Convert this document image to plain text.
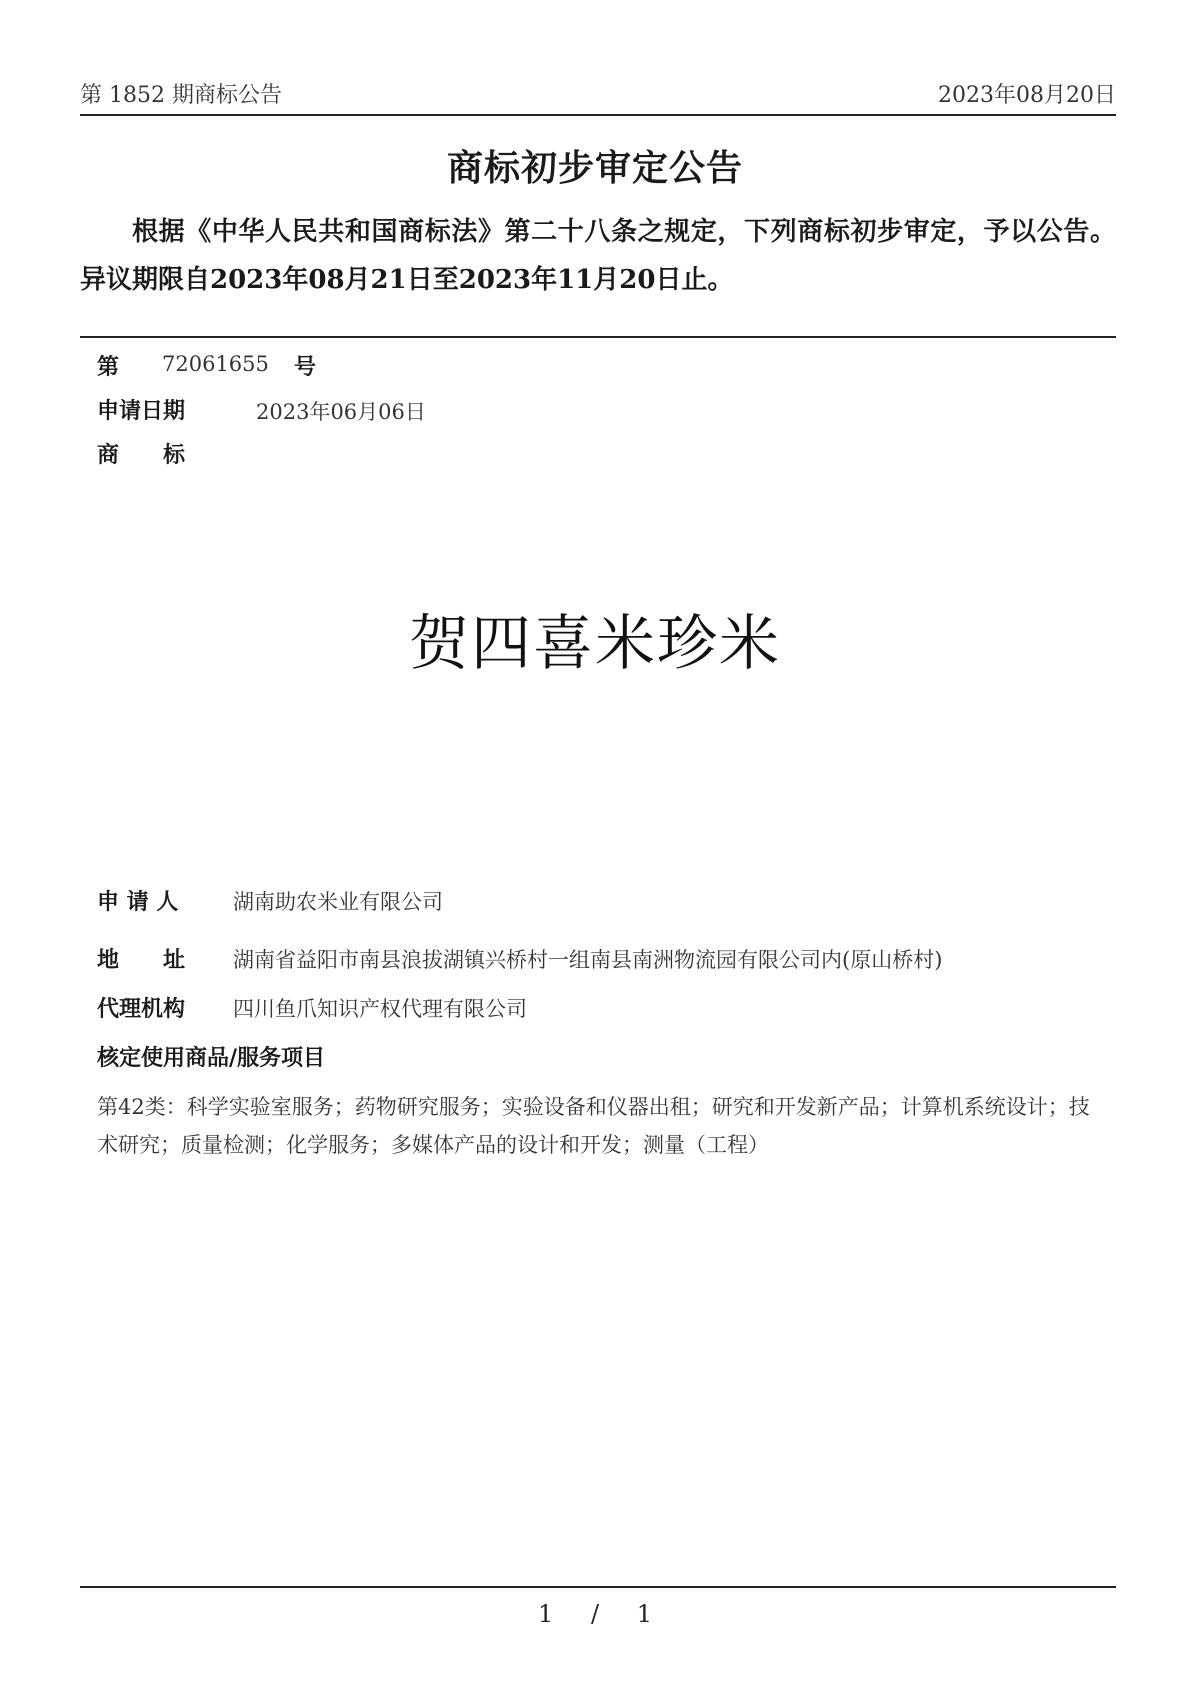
第 1852 期商标公告	2023年08月20日
商标初步审定公告
根据《中华人民共和国商标法》第二十八条之规定，下列商标初步审定，予以公告。异议期限自2023年08月21日至2023年11月20日止。
第 72061655 号
申请日期	2023年06月06日
商　　标
贺四喜米珍米
申 请 人	湖南助农米业有限公司
地　　址 湖南省益阳市南县浪拔湖镇兴桥村一组南县南洲物流园有限公司内(原山桥村)
代理机构 四川鱼爪知识产权代理有限公司
核定使用商品/服务项目
第42类：科学实验室服务；药物研究服务；实验设备和仪器出租；研究和开发新产品；计算机系统设计；技术研究；质量检测；化学服务；多媒体产品的设计和开发；测量（工程）
1 / 1
